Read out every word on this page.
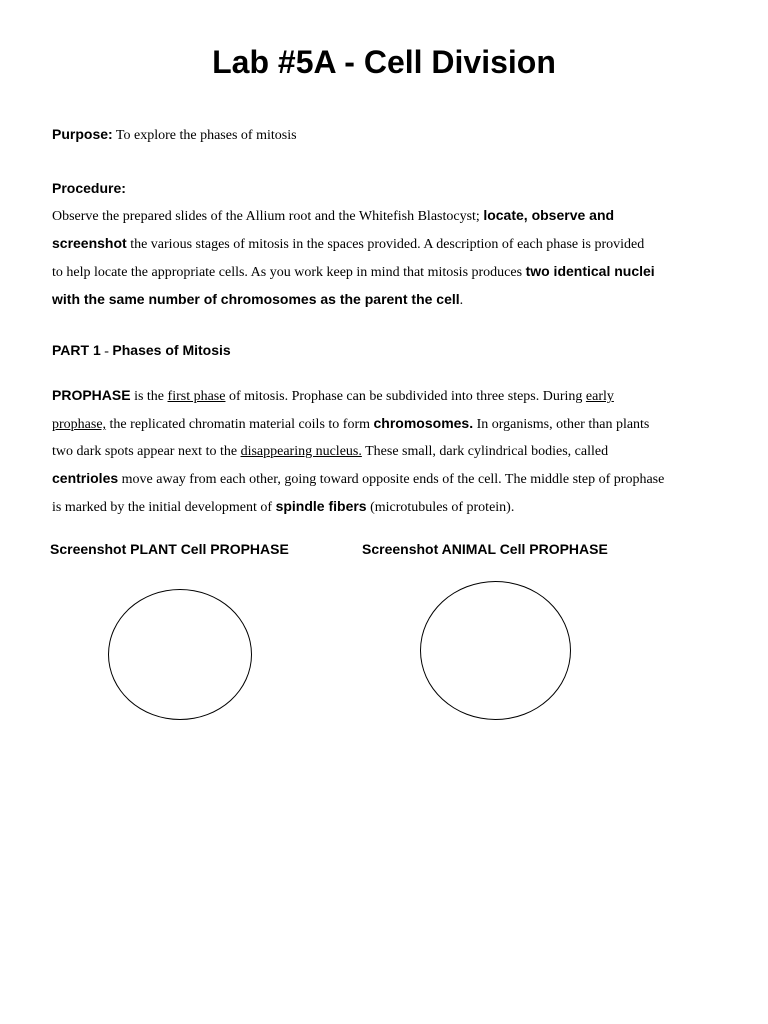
Lab #5A - Cell Division
Purpose: To explore the phases of mitosis
Procedure:
Observe the prepared slides of the Allium root and the Whitefish Blastocyst; locate, observe and
screenshot the various stages of mitosis in the spaces provided. A description of each phase is provided
to help locate the appropriate cells. As you work keep in mind that mitosis produces two identical nuclei
with the same number of chromosomes as the parent the cell.
PART 1 - Phases of Mitosis
PROPHASE is the first phase of mitosis. Prophase can be subdivided into three steps. During early
prophase, the replicated chromatin material coils to form chromosomes. In organisms, other than plants
two dark spots appear next to the disappearing nucleus. These small, dark cylindrical bodies, called
centrioles move away from each other, going toward opposite ends of the cell. The middle step of prophase
is marked by the initial development of spindle fibers (microtubules of protein).
Screenshot PLANT Cell PROPHASE	Screenshot ANIMAL Cell PROPHASE
